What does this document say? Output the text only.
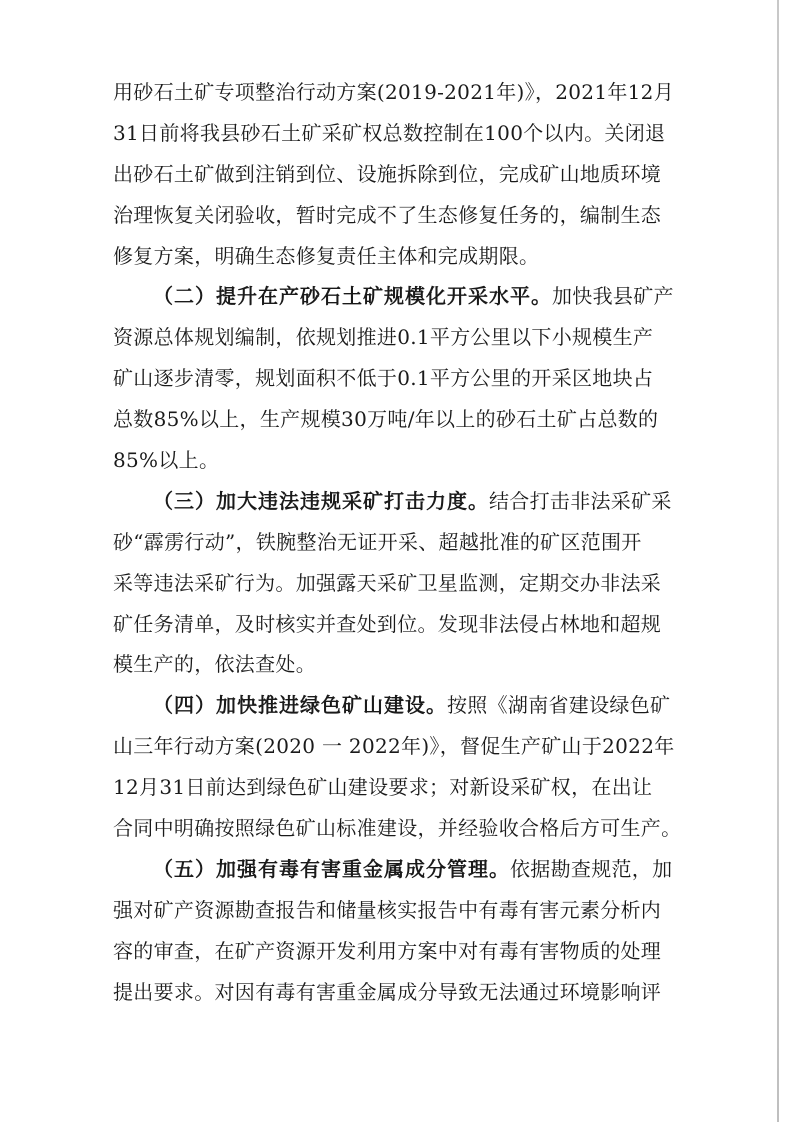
用砂石土矿专项整治行动方案(2019-2021年)》，2021年12月
31日前将我县砂石土矿采矿权总数控制在100个以内。关闭退
出砂石土矿做到注销到位、设施拆除到位，完成矿山地质环境
治理恢复关闭验收，暂时完成不了生态修复任务的，编制生态
修复方案，明确生态修复责任主体和完成期限。
（二）提升在产砂石土矿规模化开采水平。加快我县矿产
资源总体规划编制，依规划推进0.1平方公里以下小规模生产
矿山逐步清零，规划面积不低于0.1平方公里的开采区地块占
总数85%以上，生产规模30万吨/年以上的砂石土矿占总数的
85%以上。
（三）加大违法违规采矿打击力度。结合打击非法采矿采
砂“霹雳行动”，铁腕整治无证开采、超越批准的矿区范围开
采等违法采矿行为。加强露天采矿卫星监测，定期交办非法采
矿任务清单，及时核实并查处到位。发现非法侵占林地和超规
模生产的，依法查处。
（四）加快推进绿色矿山建设。按照《湖南省建设绿色矿
山三年行动方案(2020 一 2022年)》，督促生产矿山于2022年
12月31日前达到绿色矿山建设要求；对新设采矿权，在出让
合同中明确按照绿色矿山标准建设，并经验收合格后方可生产。
（五）加强有毒有害重金属成分管理。依据勘查规范，加
强对矿产资源勘查报告和储量核实报告中有毒有害元素分析内
容的审查，在矿产资源开发利用方案中对有毒有害物质的处理
提出要求。对因有毒有害重金属成分导致无法通过环境影响评
